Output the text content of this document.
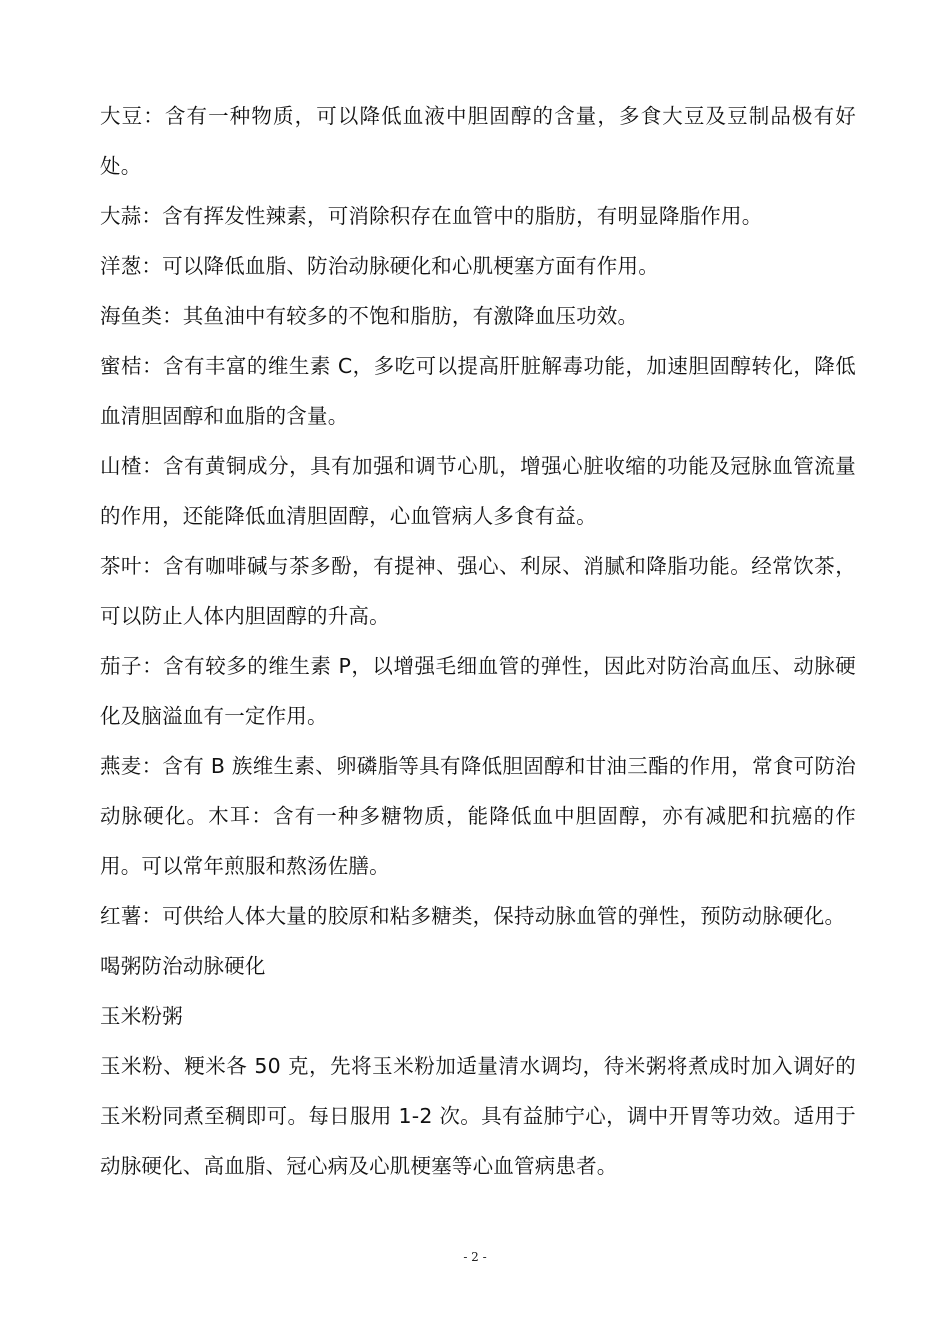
大豆：含有一种物质，可以降低血液中胆固醇的含量，多食大豆及豆制品极有好处。

大蒜：含有挥发性辣素，可消除积存在血管中的脂肪，有明显降脂作用。

洋葱：可以降低血脂、防治动脉硬化和心肌梗塞方面有作用。

海鱼类：其鱼油中有较多的不饱和脂肪，有激降血压功效。

蜜桔：含有丰富的维生素 C，多吃可以提高肝脏解毒功能，加速胆固醇转化，降低血清胆固醇和血脂的含量。

山楂：含有黄铜成分，具有加强和调节心肌，增强心脏收缩的功能及冠脉血管流量的作用，还能降低血清胆固醇，心血管病人多食有益。

茶叶：含有咖啡碱与茶多酚，有提神、强心、利尿、消腻和降脂功能。经常饮茶，可以防止人体内胆固醇的升高。

茄子：含有较多的维生素 P，以增强毛细血管的弹性，因此对防治高血压、动脉硬化及脑溢血有一定作用。

燕麦：含有 B 族维生素、卵磷脂等具有降低胆固醇和甘油三酯的作用，常食可防治动脉硬化。木耳：含有一种多糖物质，能降低血中胆固醇，亦有减肥和抗癌的作用。可以常年煎服和熬汤佐膳。

红薯：可供给人体大量的胶原和粘多糖类，保持动脉血管的弹性，预防动脉硬化。

喝粥防治动脉硬化

玉米粉粥

玉米粉、粳米各 50 克，先将玉米粉加适量清水调均，待米粥将煮成时加入调好的玉米粉同煮至稠即可。每日服用 1-2 次。具有益肺宁心，调中开胃等功效。适用于动脉硬化、高血脂、冠心病及心肌梗塞等心血管病患者。

- 2 -
